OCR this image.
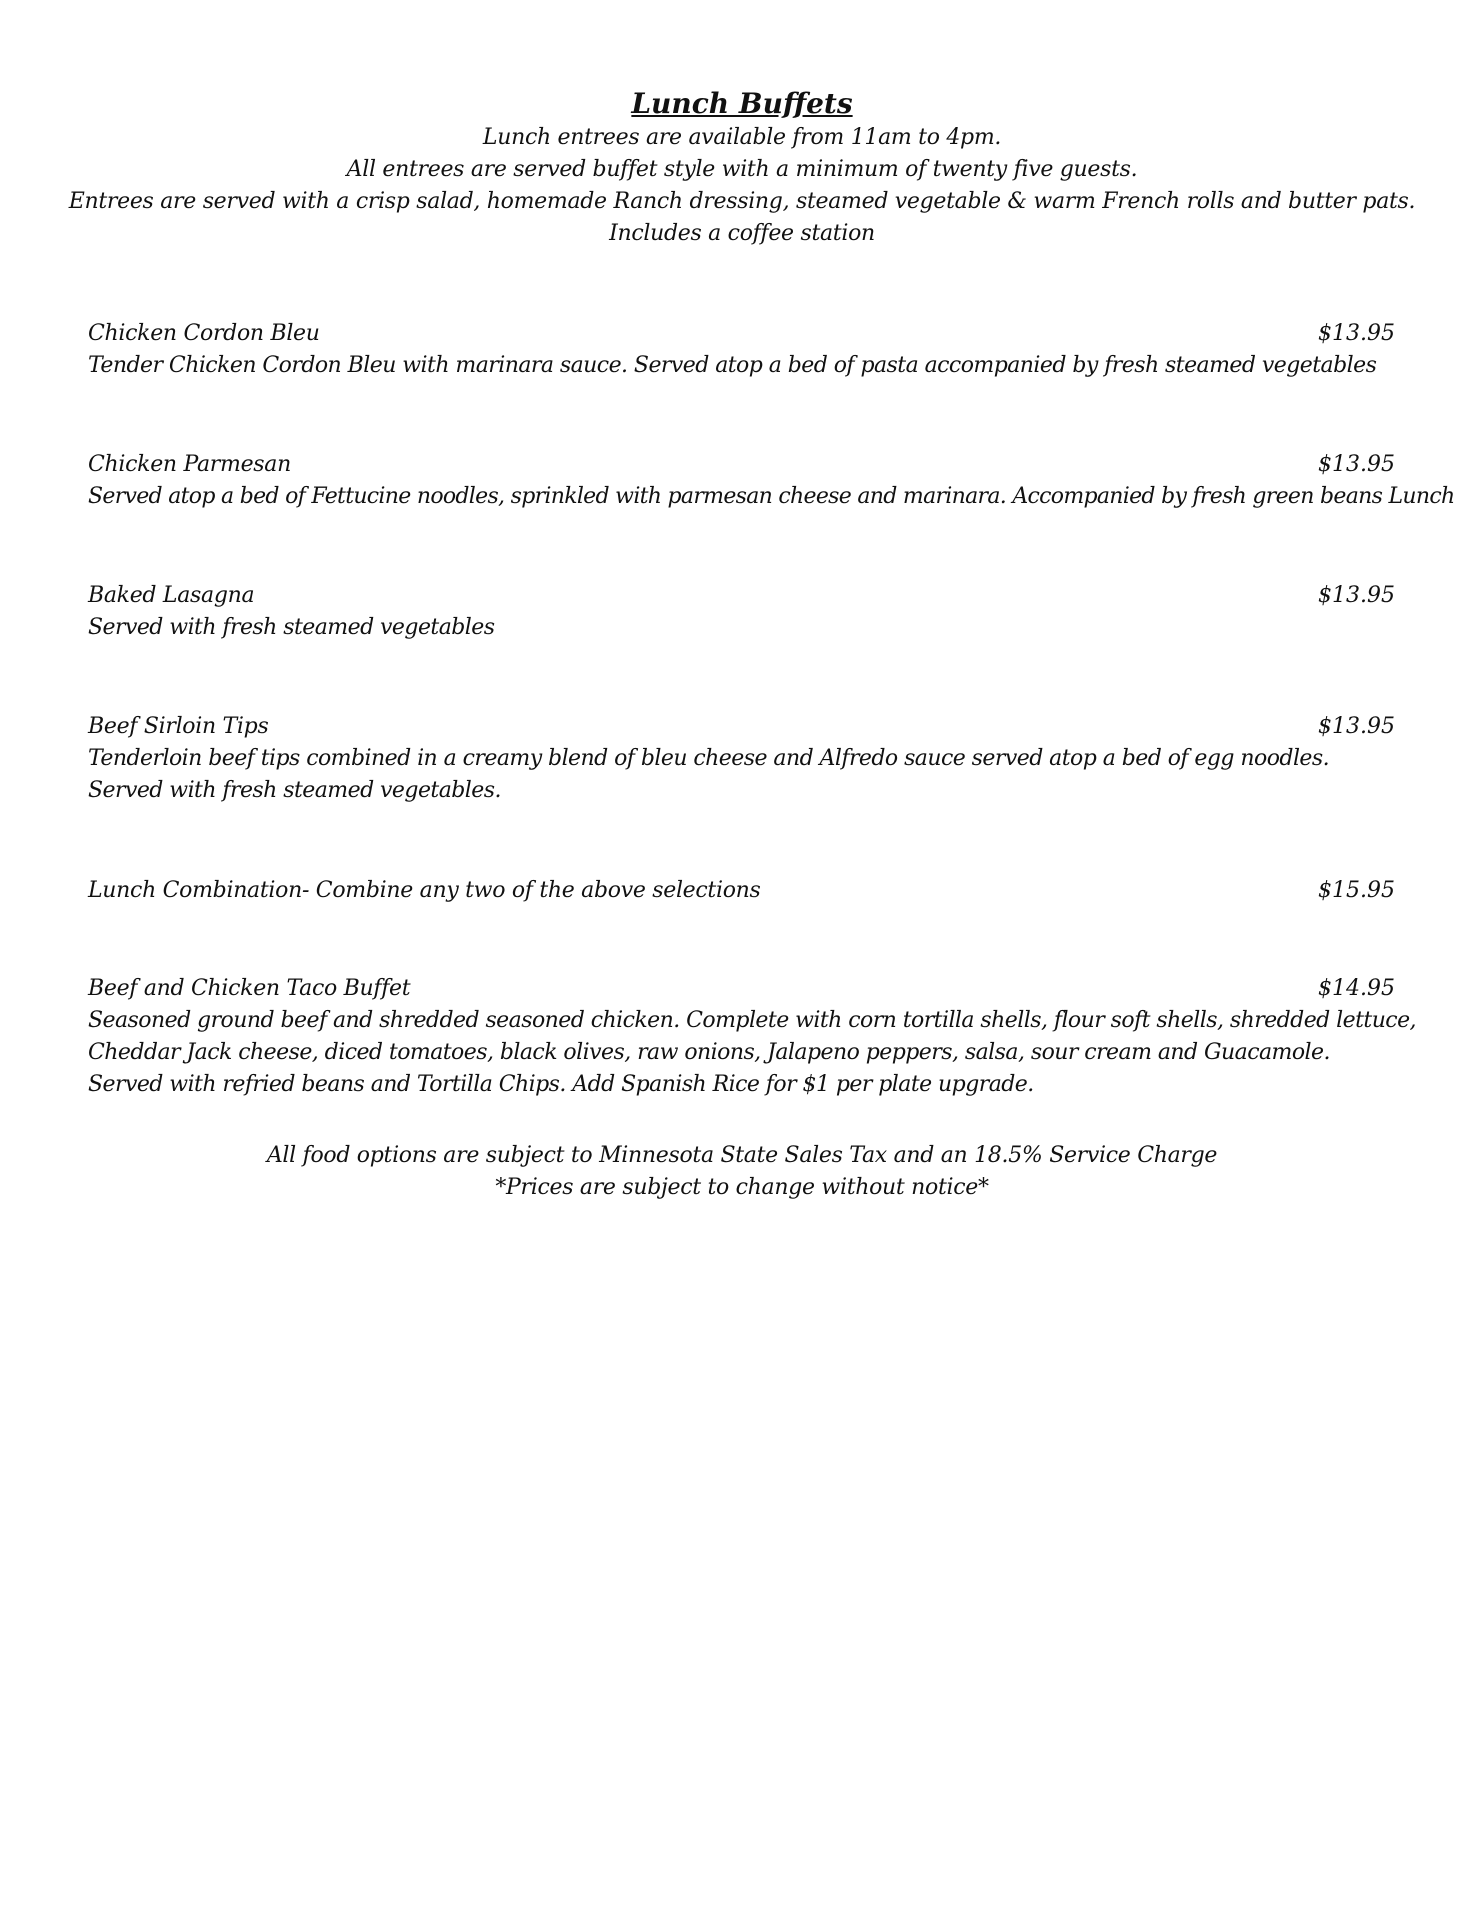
Lunch Buffets

Lunch entrees are available from 11am to 4pm.

All entrees are served buffet style with a minimum of twenty five guests.

Entrees are served with a crisp salad, homemade Ranch dressing, steamed vegetable & warm French rolls and butter pats.

Includes a coffee station

Chicken Cordon Bleu	$13.95

Tender Chicken Cordon Bleu with marinara sauce. Served atop a bed of pasta accompanied by fresh steamed vegetables

Chicken Parmesan	$13.95

Served atop a bed of Fettucine noodles, sprinkled with parmesan cheese and marinara. Accompanied by fresh green beans Lunch

Baked Lasagna	$13.95

Served with fresh steamed vegetables

Beef Sirloin Tips	$13.95

Tenderloin beef tips combined in a creamy blend of bleu cheese and Alfredo sauce served atop a bed of egg noodles.

Served with fresh steamed vegetables.

Lunch Combination- Combine any two of the above selections	$15.95
Beef and Chicken Taco Buffet	$14.95

Seasoned ground beef and shredded seasoned chicken. Complete with corn tortilla shells, flour soft shells, shredded lettuce,

Cheddar Jack cheese, diced tomatoes, black olives, raw onions, Jalapeno peppers, salsa, sour cream and Guacamole.

Served with refried beans and Tortilla Chips. Add Spanish Rice for $1 per plate upgrade.

All food options are subject to Minnesota State Sales Tax and an 18.5% Service Charge

*Prices are subject to change without notice*
